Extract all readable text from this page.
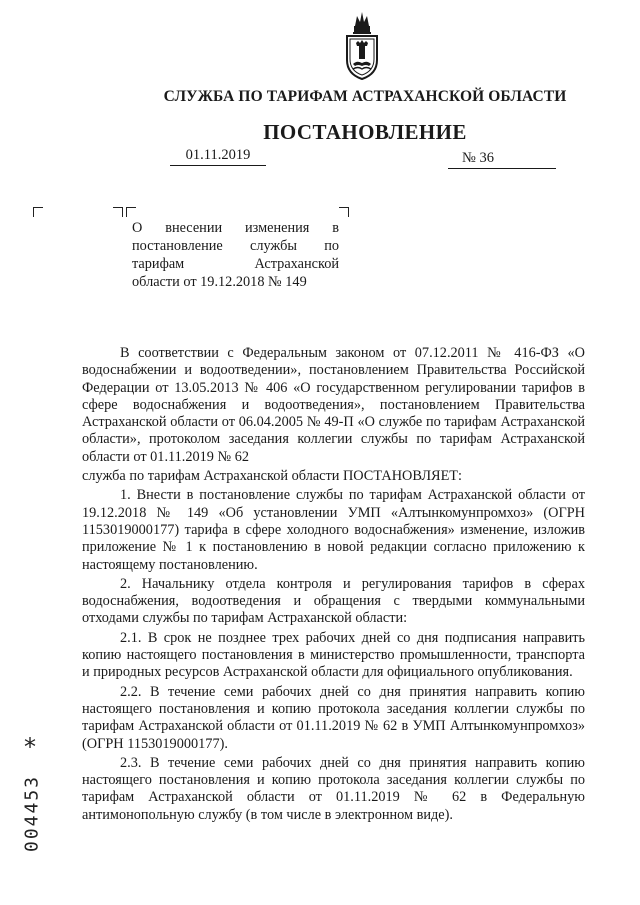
СЛУЖБА ПО ТАРИФАМ АСТРАХАНСКОЙ ОБЛАСТИ
ПОСТАНОВЛЕНИЕ
01.11.2019	№ 36
О внесении изменения в
постановление службы по
тарифам Астраханской
области от 19.12.2018 № 149

В соответствии с Федеральным законом от 07.12.2011 № 416-ФЗ «О водоснабжении и водоотведении», постановлением Правительства Российской Федерации от 13.05.2013 № 406 «О государственном регулировании тарифов в сфере водоснабжения и водоотведения», постановлением Правительства Астраханской области от 06.04.2005 № 49-П «О службе по тарифам Астраханской области», протоколом заседания коллегии службы по тарифам Астраханской области от 01.11.2019 № 62

служба по тарифам Астраханской области ПОСТАНОВЛЯЕТ:

1. Внести в постановление службы по тарифам Астраханской области от 19.12.2018 № 149 «Об установлении УМП «Алтынкомунпромхоз» (ОГРН 1153019000177) тарифа в сфере холодного водоснабжения» изменение, изложив приложение № 1 к постановлению в новой редакции согласно приложению к настоящему постановлению.

2. Начальнику отдела контроля и регулирования тарифов в сферах водоснабжения, водоотведения и обращения с твердыми коммунальными отходами службы по тарифам Астраханской области:

2.1. В срок не позднее трех рабочих дней со дня подписания направить копию настоящего постановления в министерство промышленности, транспорта и природных ресурсов Астраханской области для официального опубликования.

2.2. В течение семи рабочих дней со дня принятия направить копию настоящего постановления и копию протокола заседания коллегии службы по тарифам Астраханской области от 01.11.2019 № 62 в УМП Алтынкомунпромхоз» (ОГРН 1153019000177).

2.3. В течение семи рабочих дней со дня принятия направить копию настоящего постановления и копию протокола заседания коллегии службы по тарифам Астраханской области от 01.11.2019 № 62 в Федеральную антимонопольную службу (в том числе в электронном виде).

*
004453
